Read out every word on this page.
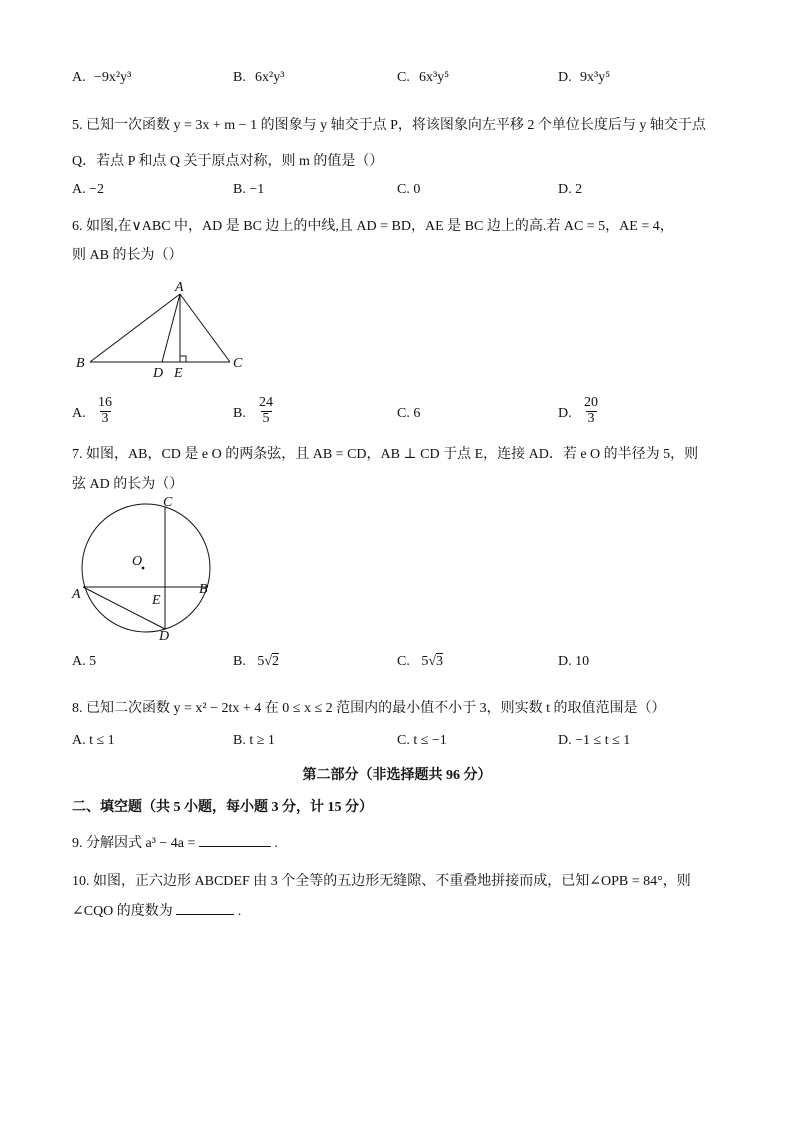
A. −9x²y³	B. 6x²y³	C. 6x³y⁵	D. 9x³y⁵
5. 已知一次函数 y = 3x + m − 1 的图象与 y 轴交于点 P，将该图象向左平移 2 个单位长度后与 y 轴交于点
Q．若点 P 和点 Q 关于原点对称，则 m 的值是（）
A. −2	B. −1	C. 0	D. 2
6. 如图,在∨ABC 中，AD 是 BC 边上的中线,且 AD = BD，AE 是 BC 边上的高.若 AC = 5，AE = 4，
则 AB 的长为（）
A
B	C
D E
A. $\frac{16}{3}$	B. $\frac{24}{5}$	C. 6	D. $\frac{20}{3}$
7. 如图，AB，CD 是 e O 的两条弦，且 AB = CD，AB ⊥ CD 于点 E，连接 AD．若 e O 的半径为 5，则
弦 AD 的长为（）
C
O
A	B
E
D
A. 5	B. 5√2	C. 5√3	D. 10
8. 已知二次函数 y = x² − 2tx + 4 在 0 ≤ x ≤ 2 范围内的最小值不小于 3，则实数 t 的取值范围是（）
A. t ≤ 1	B. t ≥ 1	C. t ≤ −1	D. −1 ≤ t ≤ 1
第二部分（非选择题共 96 分）
二、填空题（共 5 小题，每小题 3 分，计 15 分）
9. 分解因式 a³ − 4a =	.
10. 如图，正六边形 ABCDEF 由 3 个全等的五边形无缝隙、不重叠地拼接而成，已知∠OPB = 84°，则
∠CQO 的度数为	.
